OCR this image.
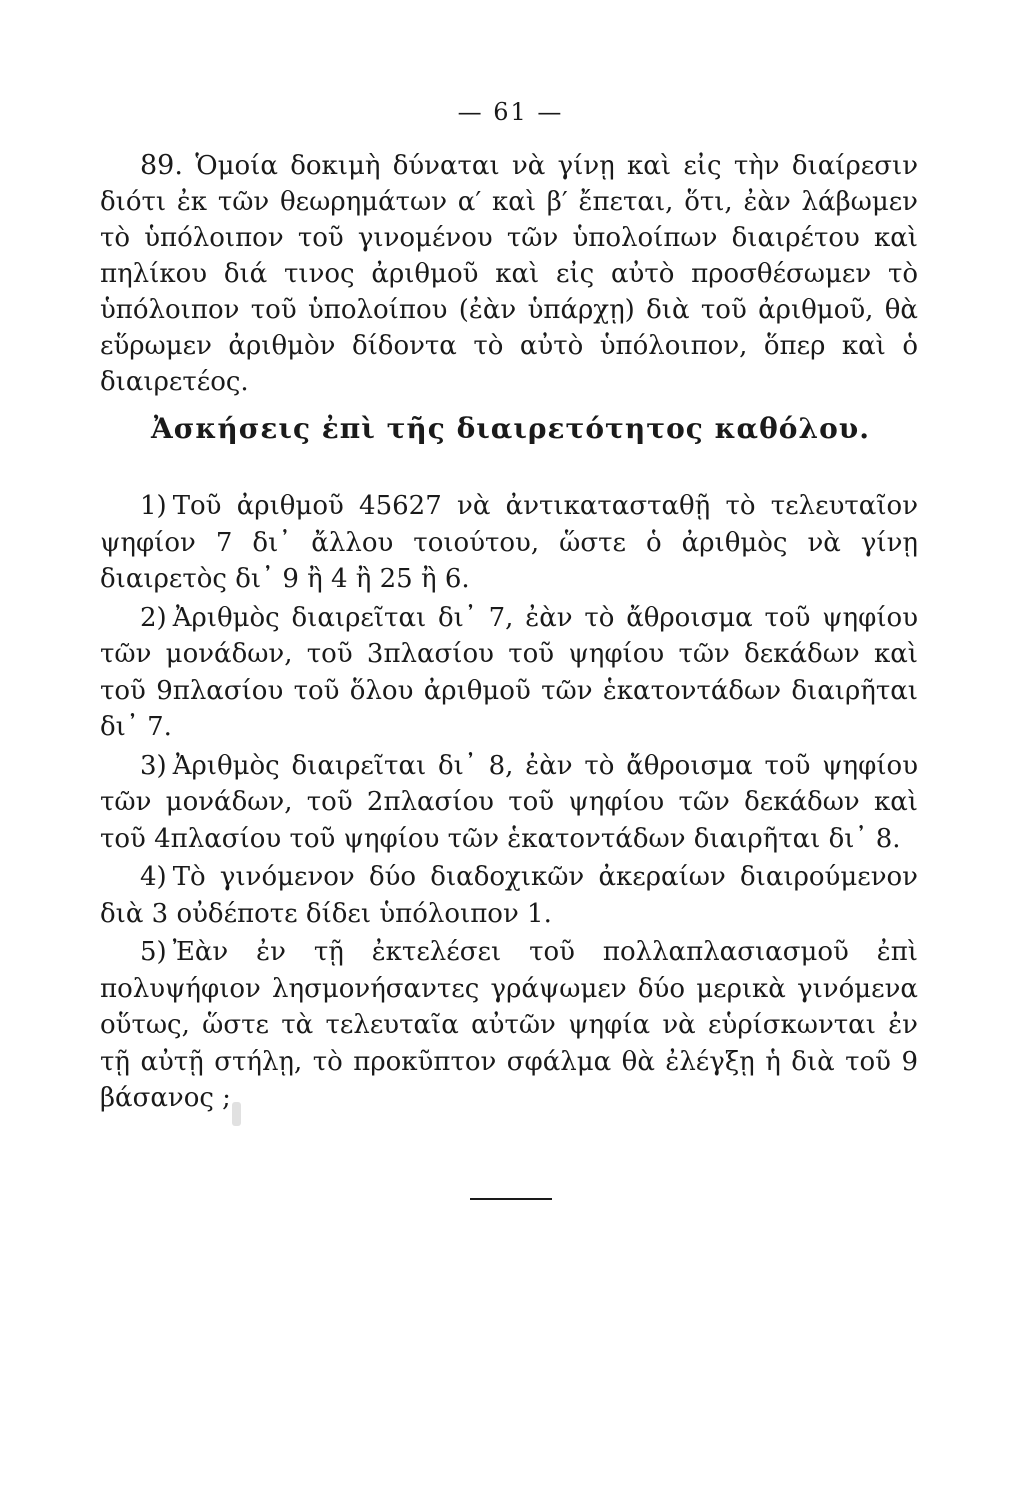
— 61 —

89. Ὁμοία δοκιμὴ δύναται νὰ γίνῃ καὶ εἰς τὴν διαίρεσιν διότι ἐκ τῶν θεωρημάτων α′ καὶ β′ ἔπεται, ὅτι, ἐὰν λάβωμεν τὸ ὑπόλοιπον τοῦ γινομένου τῶν ὑπολοίπων διαιρέτου καὶ πηλίκου διά τινος ἀριθμοῦ καὶ εἰς αὐτὸ προσθέσωμεν τὸ ὑπόλοιπον τοῦ ὑπολοίπου (ἐὰν ὑπάρχῃ) διὰ τοῦ ἀριθμοῦ, θὰ εὕρωμεν ἀριθμὸν δίδοντα τὸ αὐτὸ ὑπόλοιπον, ὅπερ καὶ ὁ διαιρετέος.

Ἀσκήσεις ἐπὶ τῆς διαιρετότητος καθόλου.

1) Τοῦ ἀριθμοῦ 45627 νὰ ἀντικατασταθῇ τὸ τελευταῖον ψηφίον 7 δι᾽ ἄλλου τοιούτου, ὥστε ὁ ἀριθμὸς νὰ γίνῃ διαιρετὸς δι᾽ 9 ἢ 4 ἢ 25 ἢ 6.

2) Ἀριθμὸς διαιρεῖται δι᾽ 7, ἐὰν τὸ ἄθροισμα τοῦ ψηφίου τῶν μονάδων, τοῦ 3πλασίου τοῦ ψηφίου τῶν δεκάδων καὶ τοῦ 9πλασίου τοῦ ὅλου ἀριθμοῦ τῶν ἑκατοντάδων διαιρῆται δι᾽ 7.

3) Ἀριθμὸς διαιρεῖται δι᾽ 8, ἐὰν τὸ ἄθροισμα τοῦ ψηφίου τῶν μονάδων, τοῦ 2πλασίου τοῦ ψηφίου τῶν δεκάδων καὶ τοῦ 4πλασίου τοῦ ψηφίου τῶν ἑκατοντάδων διαιρῆται δι᾽ 8.

4) Τὸ γινόμενον δύο διαδοχικῶν ἀκεραίων διαιρούμενον διὰ 3 οὐδέποτε δίδει ὑπόλοιπον 1.

5) Ἐὰν ἐν τῇ ἐκτελέσει τοῦ πολλαπλασιασμοῦ ἐπὶ πολυψήφιον λησμονήσαντες γράψωμεν δύο μερικὰ γινόμενα οὕτως, ὥστε τὰ τελευταῖα αὐτῶν ψηφία νὰ εὑρίσκωνται ἐν τῇ αὐτῇ στήλῃ, τὸ προκῦπτον σφάλμα θὰ ἐλέγξῃ ἡ διὰ τοῦ 9 βάσανος ;
